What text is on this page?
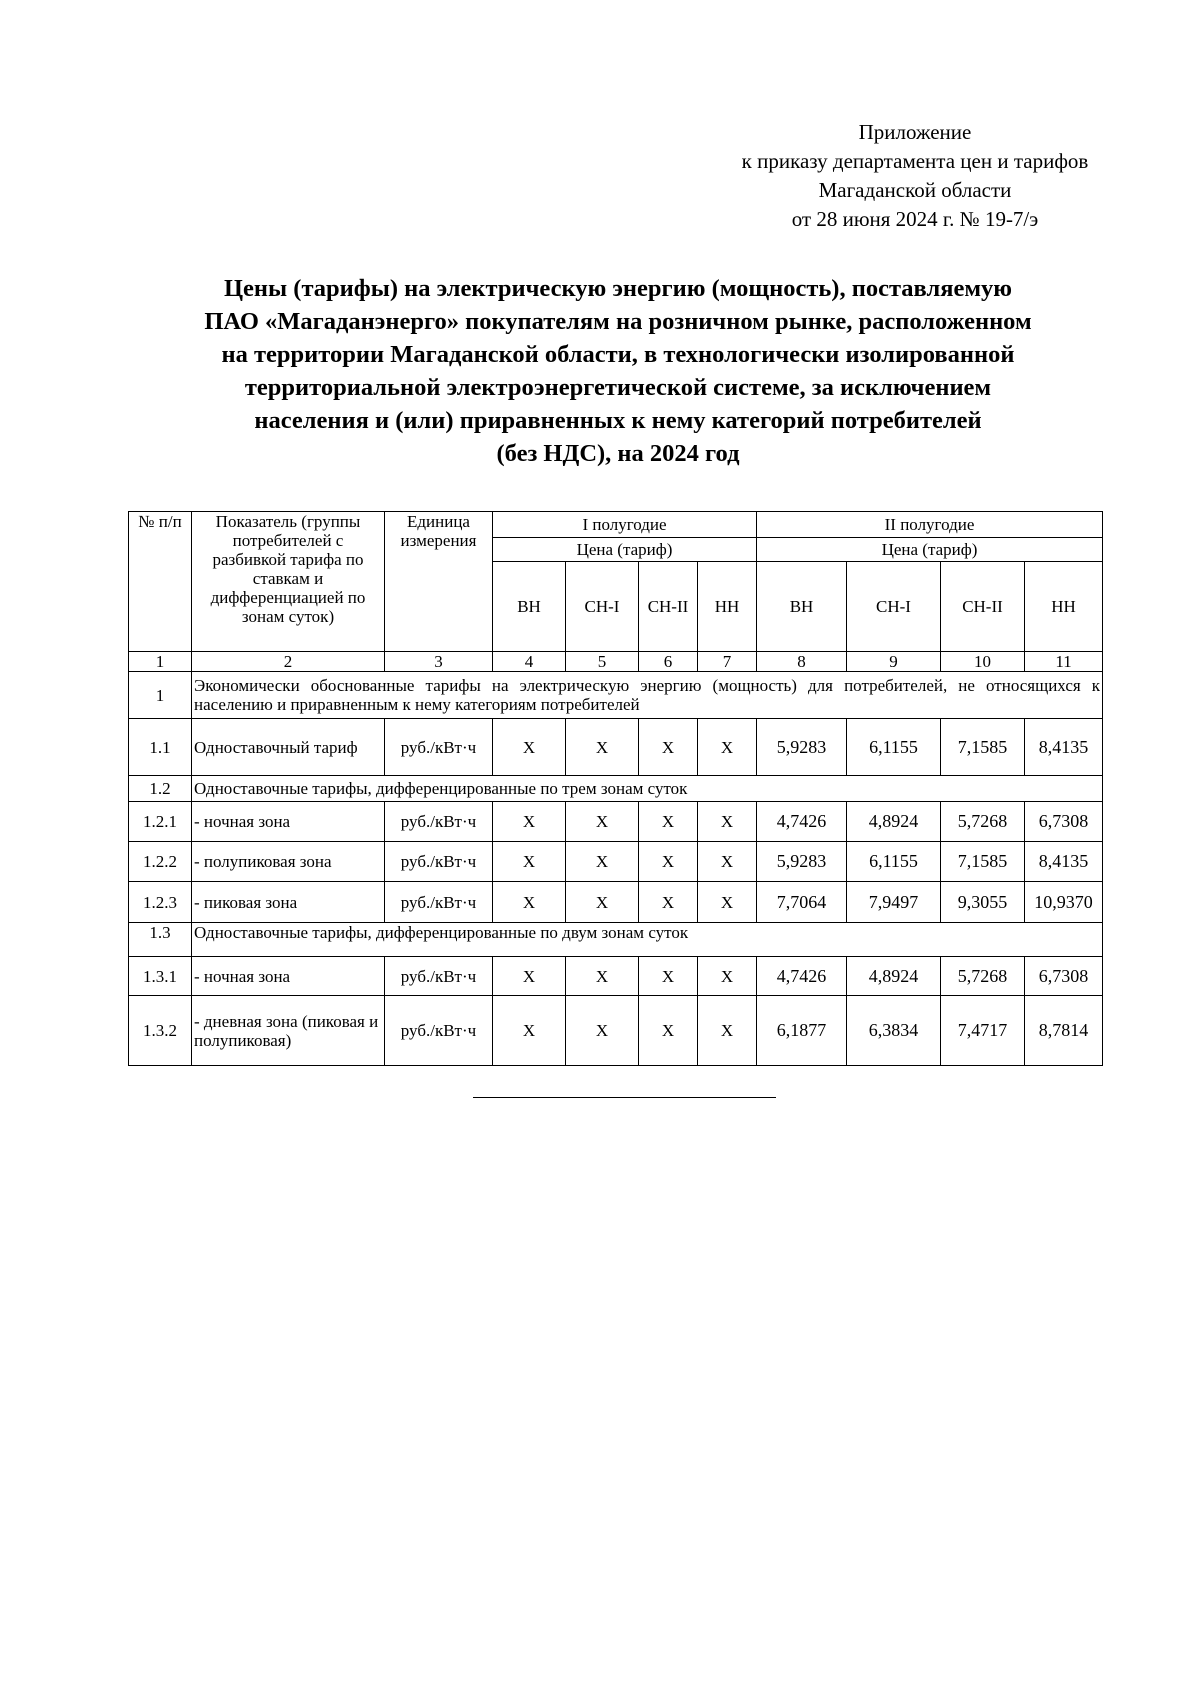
Приложение
к приказу департамента цен и тарифов
Магаданской области
от 28 июня 2024 г. № 19-7/э
Цены (тарифы) на электрическую энергию (мощность), поставляемую
ПАО «Магаданэнерго» покупателям на розничном рынке, расположенном
на территории Магаданской области, в технологически изолированной
территориальной электроэнергетической системе, за исключением
населения и (или) приравненных к нему категорий потребителей
(без НДС), на 2024 год
№ п/п	Показатель (группы потребителей с разбивкой тарифа по ставкам и дифференциацией по зонам суток)	Единица измерения	I полугодие				II полугодие			
			Цена (тариф)				Цена (тариф)			
			ВН	СН-I	СН-II	НН	ВН	СН-I	СН-II	НН
1	2	3	4	5	6	7	8	9	10	11
1	Экономически обоснованные тарифы на электрическую энергию (мощность) для потребителей, не относящихся к населению и приравненным к нему категориям потребителей									
1.1	Одноставочный тариф	руб./кВт·ч	Х	Х	Х	Х	5,9283	6,1155	7,1585	8,4135
1.2	Одноставочные тарифы, дифференцированные по трем зонам суток									
1.2.1	- ночная зона	руб./кВт·ч	Х	Х	Х	Х	4,7426	4,8924	5,7268	6,7308
1.2.2	- полупиковая зона	руб./кВт·ч	Х	Х	Х	Х	5,9283	6,1155	7,1585	8,4135
1.2.3	- пиковая зона	руб./кВт·ч	Х	Х	Х	Х	7,7064	7,9497	9,3055	10,9370
1.3	Одноставочные тарифы, дифференцированные по двум зонам суток									
1.3.1	- ночная зона	руб./кВт·ч	Х	Х	Х	Х	4,7426	4,8924	5,7268	6,7308
1.3.2	- дневная зона (пиковая и полупиковая)	руб./кВт·ч	Х	Х	Х	Х	6,1877	6,3834	7,4717	8,7814
